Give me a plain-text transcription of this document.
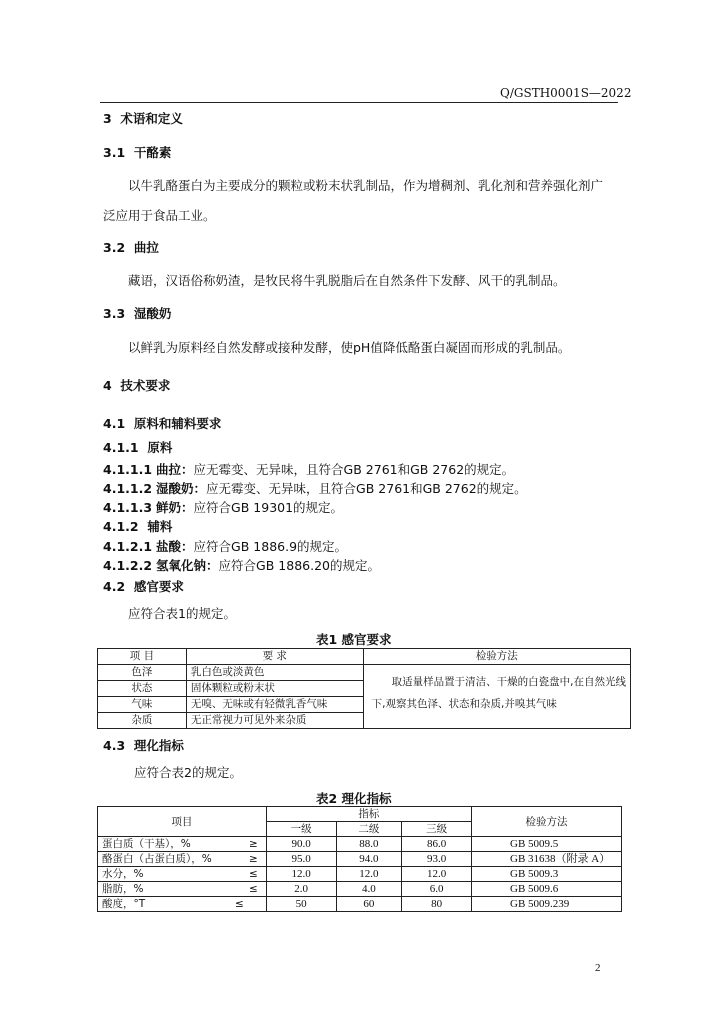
Q/GSTH0001S—2022
3 术语和定义
3.1 干酪素
以牛乳酪蛋白为主要成分的颗粒或粉末状乳制品，作为增稠剂、乳化剂和营养强化剂广
泛应用于食品工业。
3.2 曲拉
藏语，汉语俗称奶渣，是牧民将牛乳脱脂后在自然条件下发酵、风干的乳制品。
3.3 湿酸奶
以鲜乳为原料经自然发酵或接种发酵，使pH值降低酪蛋白凝固而形成的乳制品。
4 技术要求
4.1 原料和辅料要求
4.1.1 原料
4.1.1.1 曲拉：应无霉变、无异味，且符合GB 2761和GB 2762的规定。
4.1.1.2 湿酸奶：应无霉变、无异味，且符合GB 2761和GB 2762的规定。
4.1.1.3 鲜奶：应符合GB 19301的规定。
4.1.2 辅料
4.1.2.1 盐酸：应符合GB 1886.9的规定。
4.1.2.2 氢氧化钠：应符合GB 1886.20的规定。
4.2 感官要求
应符合表1的规定。
表1 感官要求
项 目	要 求	检验方法
色泽	乳白色或淡黄色	取适量样品置于清洁、干燥的白瓷盘中,在自然光线
下,观察其色泽、状态和杂质,并嗅其气味

状态	固体颗粒或粉末状	
气味	无嗅、无味或有轻微乳香气味	
杂质	无正常视力可见外来杂质	
4.3 理化指标
应符合表2的规定。
表2 理化指标
项目	指标			检验方法
	一级	二级	三级	

蛋白质（干基），% ≥	90.0	88.0	86.0	GB 5009.5

酪蛋白（占蛋白质），% ≥	95.0	94.0	93.0	GB 31638（附录 A）

水分，% ≤	12.0	12.0	12.0	GB 5009.3

脂肪，% ≤	2.0	4.0	6.0	GB 5009.6

酸度，°T ≤	50	60	80	GB 5009.239
2
